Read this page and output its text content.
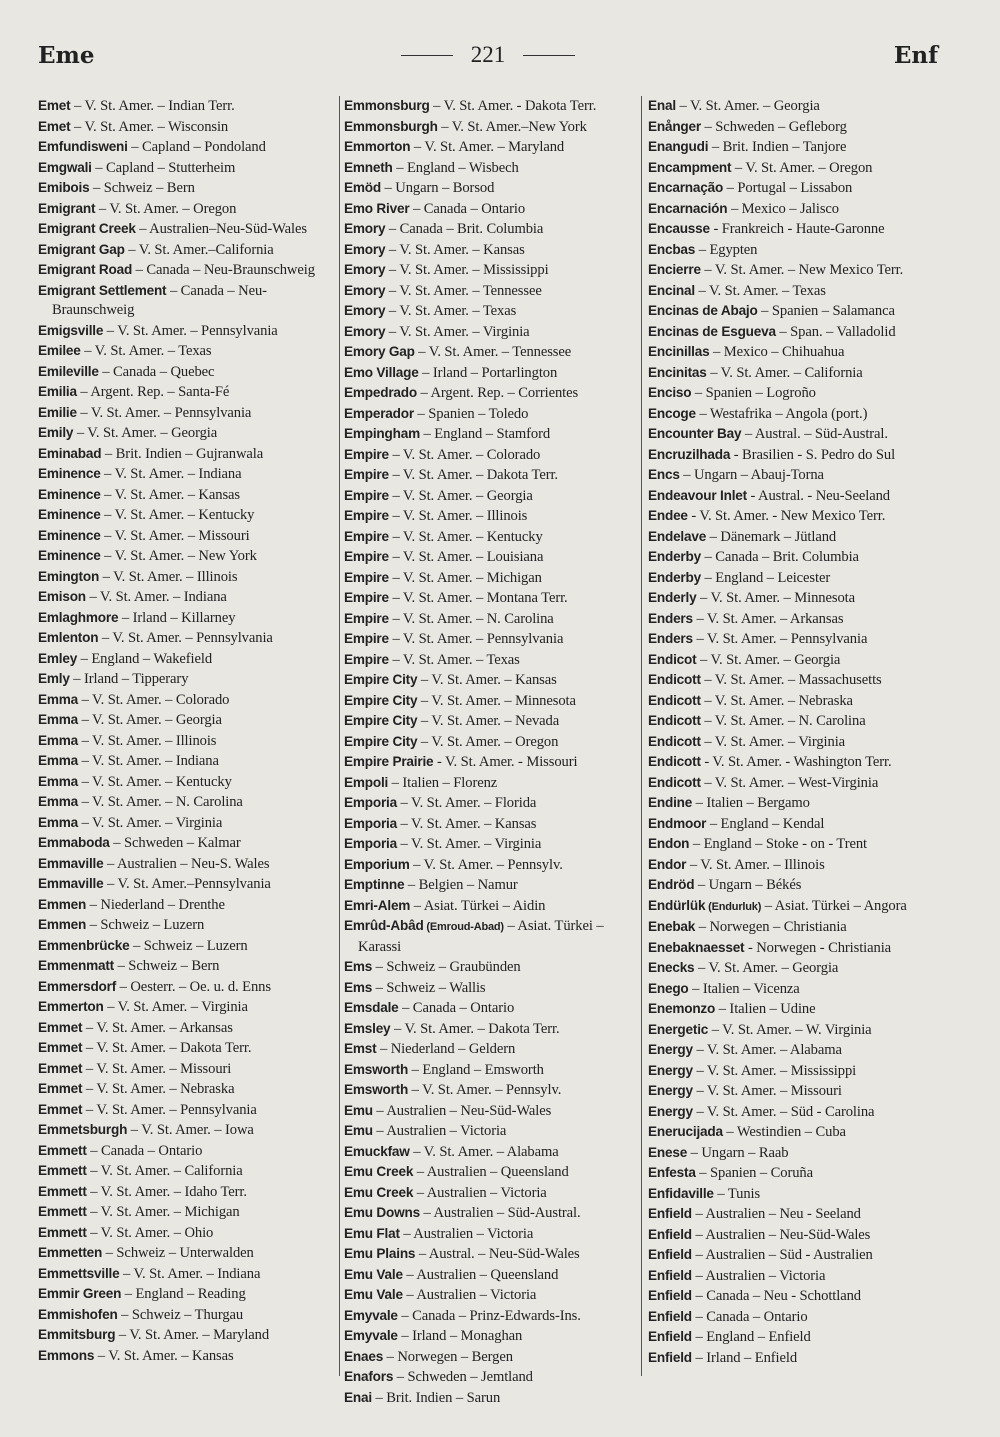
Eme	221	Enf
Emet – V. St. Amer. – Indian Terr.
Emet – V. St. Amer. – Wisconsin
Emfundisweni – Capland – Pondoland
Emgwali – Capland – Stutterheim
Emibois – Schweiz – Bern
Emigrant – V. St. Amer. – Oregon
Emigrant Creek – Australien–Neu-Süd-Wales
Emigrant Gap – V. St. Amer.–California
Emigrant Road – Canada – Neu-Braunschweig
Emigrant Settlement – Canada – Neu-Braunschweig
Emigsville – V. St. Amer. – Pennsylvania
Emilee – V. St. Amer. – Texas
Emileville – Canada – Quebec
Emilia – Argent. Rep. – Santa-Fé
Emilie – V. St. Amer. – Pennsylvania
Emily – V. St. Amer. – Georgia
Eminabad – Brit. Indien – Gujranwala
Eminence – V. St. Amer. – Indiana
Eminence – V. St. Amer. – Kansas
Eminence – V. St. Amer. – Kentucky
Eminence – V. St. Amer. – Missouri
Eminence – V. St. Amer. – New York
Emington – V. St. Amer. – Illinois
Emison – V. St. Amer. – Indiana
Emlaghmore – Irland – Killarney
Emlenton – V. St. Amer. – Pennsylvania
Emley – England – Wakefield
Emly – Irland – Tipperary
Emma – V. St. Amer. – Colorado
Emma – V. St. Amer. – Georgia
Emma – V. St. Amer. – Illinois
Emma – V. St. Amer. – Indiana
Emma – V. St. Amer. – Kentucky
Emma – V. St. Amer. – N. Carolina
Emma – V. St. Amer. – Virginia
Emmaboda – Schweden – Kalmar
Emmaville – Australien – Neu-S. Wales
Emmaville – V. St. Amer.–Pennsylvania
Emmen – Niederland – Drenthe
Emmen – Schweiz – Luzern
Emmenbrücke – Schweiz – Luzern
Emmenmatt – Schweiz – Bern
Emmersdorf – Oesterr. – Oe. u. d. Enns
Emmerton – V. St. Amer. – Virginia
Emmet – V. St. Amer. – Arkansas
Emmet – V. St. Amer. – Dakota Terr.
Emmet – V. St. Amer. – Missouri
Emmet – V. St. Amer. – Nebraska
Emmet – V. St. Amer. – Pennsylvania
Emmetsburgh – V. St. Amer. – Iowa
Emmett – Canada – Ontario
Emmett – V. St. Amer. – California
Emmett – V. St. Amer. – Idaho Terr.
Emmett – V. St. Amer. – Michigan
Emmett – V. St. Amer. – Ohio
Emmetten – Schweiz – Unterwalden
Emmettsville – V. St. Amer. – Indiana
Emmir Green – England – Reading
Emmishofen – Schweiz – Thurgau
Emmitsburg – V. St. Amer. – Maryland
Emmons – V. St. Amer. – Kansas
Emmonsburg – V. St. Amer. - Dakota Terr.
Emmonsburgh – V. St. Amer.–New York
Emmorton – V. St. Amer. – Maryland
Emneth – England – Wisbech
Emöd – Ungarn – Borsod
Emo River – Canada – Ontario
Emory – Canada – Brit. Columbia
Emory – V. St. Amer. – Kansas
Emory – V. St. Amer. – Mississippi
Emory – V. St. Amer. – Tennessee
Emory – V. St. Amer. – Texas
Emory – V. St. Amer. – Virginia
Emory Gap – V. St. Amer. – Tennessee
Emo Village – Irland – Portarlington
Empedrado – Argent. Rep. – Corrientes
Emperador – Spanien – Toledo
Empingham – England – Stamford
Empire – V. St. Amer. – Colorado
Empire – V. St. Amer. – Dakota Terr.
Empire – V. St. Amer. – Georgia
Empire – V. St. Amer. – Illinois
Empire – V. St. Amer. – Kentucky
Empire – V. St. Amer. – Louisiana
Empire – V. St. Amer. – Michigan
Empire – V. St. Amer. – Montana Terr.
Empire – V. St. Amer. – N. Carolina
Empire – V. St. Amer. – Pennsylvania
Empire – V. St. Amer. – Texas
Empire City – V. St. Amer. – Kansas
Empire City – V. St. Amer. – Minnesota
Empire City – V. St. Amer. – Nevada
Empire City – V. St. Amer. – Oregon
Empire Prairie - V. St. Amer. - Missouri
Empoli – Italien – Florenz
Emporia – V. St. Amer. – Florida
Emporia – V. St. Amer. – Kansas
Emporia – V. St. Amer. – Virginia
Emporium – V. St. Amer. – Pennsylv.
Emptinne – Belgien – Namur
Emri-Alem – Asiat. Türkei – Aidin
Emrûd-Abâd (Emroud-Abad) – Asiat. Türkei – Karassi
Ems – Schweiz – Graubünden
Ems – Schweiz – Wallis
Emsdale – Canada – Ontario
Emsley – V. St. Amer. – Dakota Terr.
Emst – Niederland – Geldern
Emsworth – England – Emsworth
Emsworth – V. St. Amer. – Pennsylv.
Emu – Australien – Neu-Süd-Wales
Emu – Australien – Victoria
Emuckfaw – V. St. Amer. – Alabama
Emu Creek – Australien – Queensland
Emu Creek – Australien – Victoria
Emu Downs – Australien – Süd-Austral.
Emu Flat – Australien – Victoria
Emu Plains – Austral. – Neu-Süd-Wales
Emu Vale – Australien – Queensland
Emu Vale – Australien – Victoria
Emyvale – Canada – Prinz-Edwards-Ins.
Emyvale – Irland – Monaghan
Enaes – Norwegen – Bergen
Enafors – Schweden – Jemtland
Enai – Brit. Indien – Sarun
Enal – V. St. Amer. – Georgia
Enånger – Schweden – Gefleborg
Enangudi – Brit. Indien – Tanjore
Encampment – V. St. Amer. – Oregon
Encarnação – Portugal – Lissabon
Encarnación – Mexico – Jalisco
Encausse - Frankreich - Haute-Garonne
Encbas – Egypten
Encierre – V. St. Amer. – New Mexico Terr.
Encinal – V. St. Amer. – Texas
Encinas de Abajo – Spanien – Salamanca
Encinas de Esgueva – Span. – Valladolid
Encinillas – Mexico – Chihuahua
Encinitas – V. St. Amer. – California
Enciso – Spanien – Logroño
Encoge – Westafrika – Angola (port.)
Encounter Bay – Austral. – Süd-Austral.
Encruzilhada - Brasilien - S. Pedro do Sul
Encs – Ungarn – Abauj-Torna
Endeavour Inlet - Austral. - Neu-Seeland
Endee - V. St. Amer. - New Mexico Terr.
Endelave – Dänemark – Jütland
Enderby – Canada – Brit. Columbia
Enderby – England – Leicester
Enderly – V. St. Amer. – Minnesota
Enders – V. St. Amer. – Arkansas
Enders – V. St. Amer. – Pennsylvania
Endicot – V. St. Amer. – Georgia
Endicott – V. St. Amer. – Massachusetts
Endicott – V. St. Amer. – Nebraska
Endicott – V. St. Amer. – N. Carolina
Endicott – V. St. Amer. – Virginia
Endicott - V. St. Amer. - Washington Terr.
Endicott – V. St. Amer. – West-Virginia
Endine – Italien – Bergamo
Endmoor – England – Kendal
Endon – England – Stoke - on - Trent
Endor – V. St. Amer. – Illinois
Endröd – Ungarn – Békés
Endürlük (Endurluk) – Asiat. Türkei – Angora
Enebak – Norwegen – Christiania
Enebaknaesset - Norwegen - Christiania
Enecks – V. St. Amer. – Georgia
Enego – Italien – Vicenza
Enemonzo – Italien – Udine
Energetic – V. St. Amer. – W. Virginia
Energy – V. St. Amer. – Alabama
Energy – V. St. Amer. – Mississippi
Energy – V. St. Amer. – Missouri
Energy – V. St. Amer. – Süd - Carolina
Enerucijada – Westindien – Cuba
Enese – Ungarn – Raab
Enfesta – Spanien – Coruña
Enfidaville – Tunis
Enfield – Australien – Neu - Seeland
Enfield – Australien – Neu-Süd-Wales
Enfield – Australien – Süd - Australien
Enfield – Australien – Victoria
Enfield – Canada – Neu - Schottland
Enfield – Canada – Ontario
Enfield – England – Enfield
Enfield – Irland – Enfield
